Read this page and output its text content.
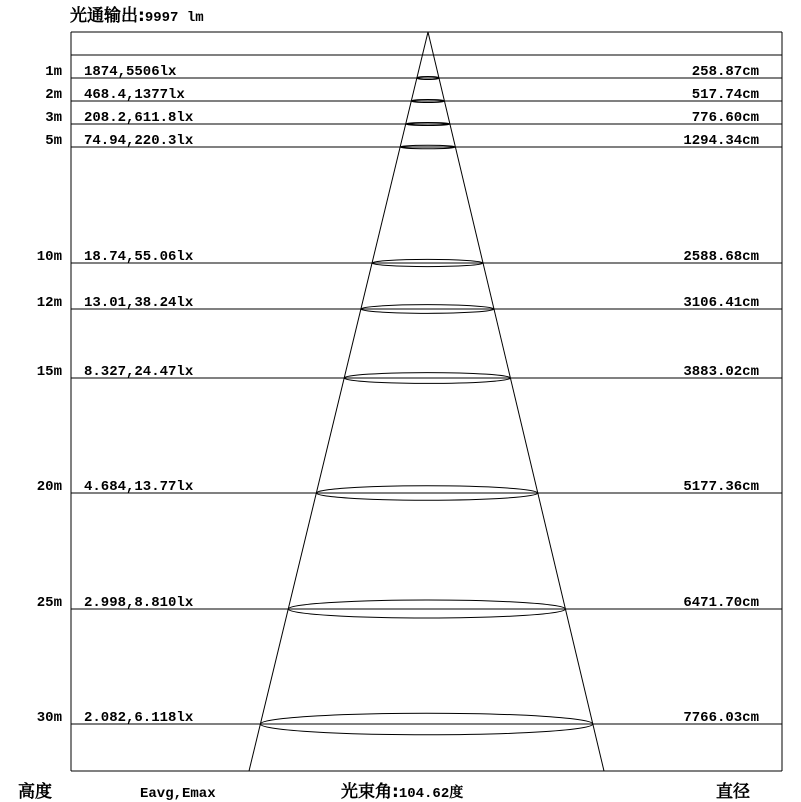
光通输出:9997 lm
1m 1874,5506lx	258.87cm
2m 468.4,1377lx	517.74cm
3m 208.2,611.8lx	776.60cm
5m 74.94,220.3lx	1294.34cm
10m 18.74,55.06lx	2588.68cm
12m 13.01,38.24lx	3106.41cm
15m 8.327,24.47lx	3883.02cm
20m 4.684,13.77lx	5177.36cm
25m 2.998,8.810lx	6471.70cm
30m 2.082,6.118lx	7766.03cm
高度	Eavg,Emax	光束角:104.62度	直径
